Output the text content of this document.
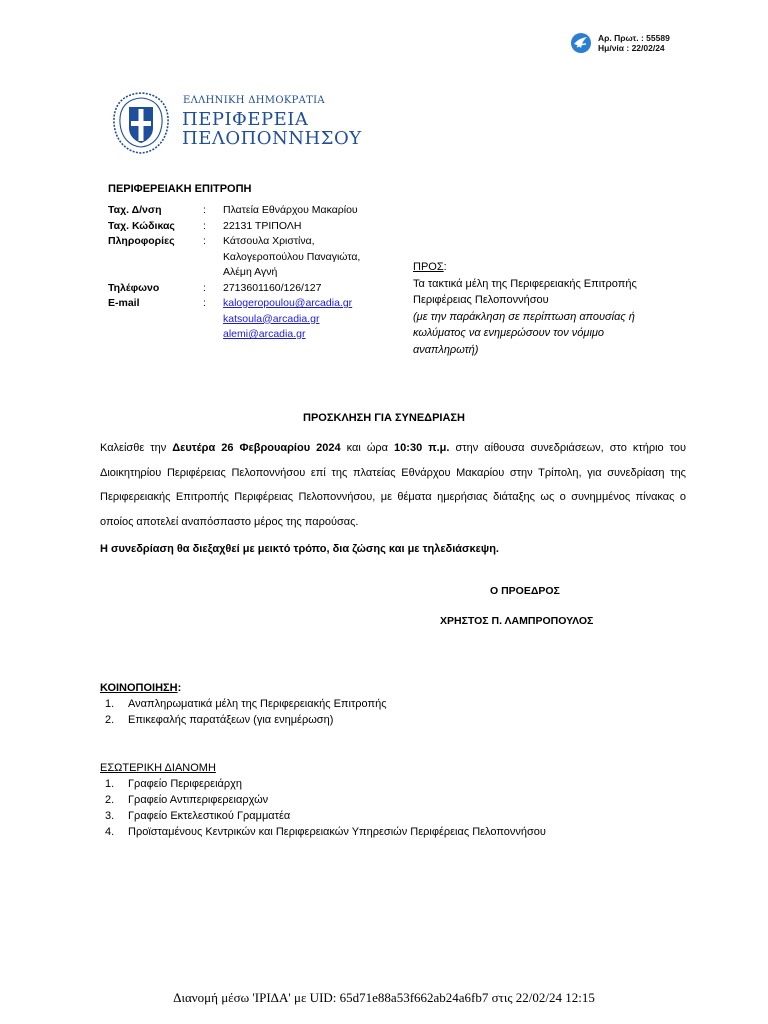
Αρ. Πρωτ. : 55589
Ημ/νία : 22/02/24
ΕΛΛΗΝΙΚΗ ΔΗΜΟΚΡΑΤΙΑ
ΠΕΡΙΦΕΡΕΙΑ
ΠΕΛΟΠΟΝΝΗΣΟΥ
ΠΕΡΙΦΕΡΕΙΑΚΗ ΕΠΙΤΡΟΠΗ
Ταχ. Δ/νση	:	Πλατεία Εθνάρχου Μακαρίου
Ταχ. Κώδικας	:	22131 ΤΡΙΠΟΛΗ
Πληροφορίες	:	Κάτσουλα Χριστίνα,
Καλογεροπούλου Παναγιώτα,
Αλέμη Αγνή
Τηλέφωνο	:	2713601160/126/127
E-mail	:	kalogeropoulou@arcadia.gr
katsoula@arcadia.gr
alemi@arcadia.gr
ΠΡΟΣ:
Τα τακτικά μέλη της Περιφερειακής Επιτροπής
Περιφέρειας Πελοποννήσου
(με την παράκληση σε περίπτωση απουσίας ή
κωλύματος να ενημερώσουν τον νόμιμο
αναπληρωτή)
ΠΡΟΣΚΛΗΣΗ ΓΙΑ ΣΥΝΕΔΡΙΑΣΗ
Καλείσθε την Δευτέρα 26 Φεβρουαρίου 2024 και ώρα 10:30 π.μ. στην αίθουσα συνεδριάσεων, στο κτήριο του Διοικητηρίου Περιφέρειας Πελοποννήσου επί της πλατείας Εθνάρχου Μακαρίου στην Τρίπολη, για συνεδρίαση της Περιφερειακής Επιτροπής Περιφέρειας Πελοποννήσου, με θέματα ημερήσιας διάταξης ως ο συνημμένος πίνακας ο οποίος αποτελεί αναπόσπαστο μέρος της παρούσας.
Η συνεδρίαση θα διεξαχθεί με μεικτό τρόπο, δια ζώσης και με τηλεδιάσκεψη.
Ο ΠΡΟΕΔΡΟΣ
ΧΡΗΣΤΟΣ Π. ΛΑΜΠΡΟΠΟΥΛΟΣ
ΚΟΙΝΟΠΟΙΗΣΗ:
1.	Αναπληρωματικά μέλη της Περιφερειακής Επιτροπής
2.	Επικεφαλής παρατάξεων (για ενημέρωση)
ΕΣΩΤΕΡΙΚΗ ΔΙΑΝΟΜΗ
1.	Γραφείο Περιφερειάρχη
2.	Γραφείο Αντιπεριφερειαρχών
3.	Γραφείο Εκτελεστικού Γραμματέα
4.	Προϊσταμένους Κεντρικών και Περιφερειακών Υπηρεσιών Περιφέρειας Πελοποννήσου
Διανομή μέσω 'ΙΡΙΔΑ' με UID: 65d71e88a53f662ab24a6fb7 στις 22/02/24 12:15
